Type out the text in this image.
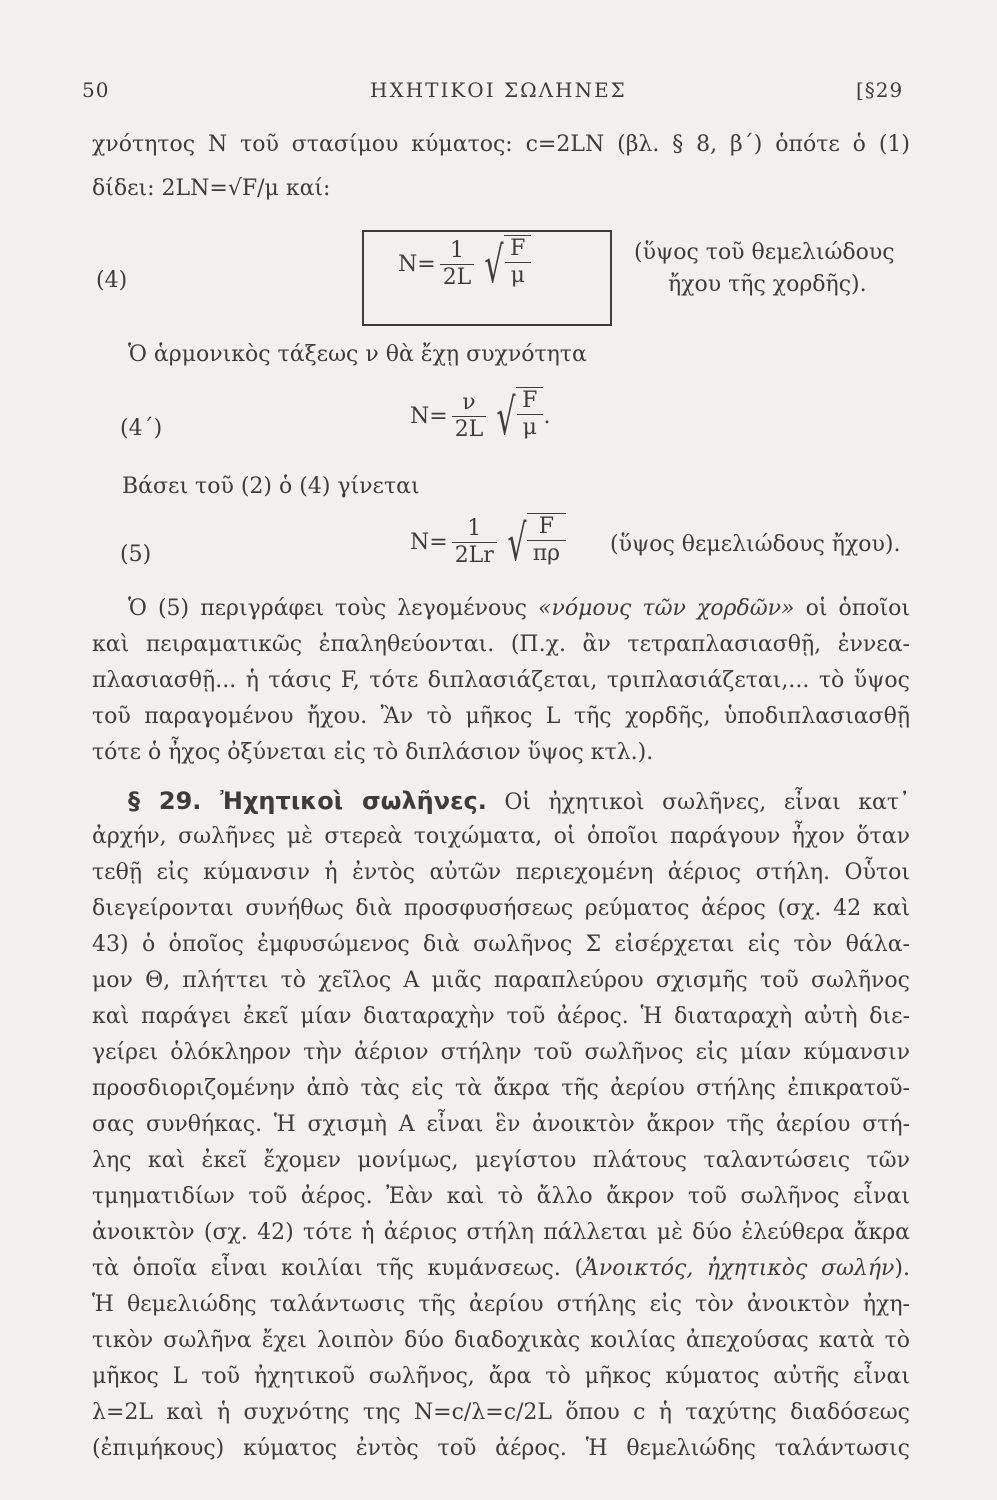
50	ΗΧΗΤΙΚΟΙ ΣΩΛΗΝΕΣ	[§29
χνότητος Ν τοῦ στασίμου κύματος: c=2LN (βλ. § 8, β´) ὁπότε ὁ (1)
δίδει: 2LN=√F/μ καί:
(4)
$N= \frac{1}{2L}$ √ $\frac{F}{\mu}$	(ὕψος τοῦ θεμελιώδους
ἤχου τῆς χορδῆς).
Ὁ ἁρμονικὸς τάξεως ν θὰ ἔχῃ συχνότητα
(4´)	$N= \frac{\nu}{2L}$ √ $\frac{F}{\mu}$ .
Βάσει τοῦ (2) ὁ (4) γίνεται
(5)	$N= \frac{1}{2Lr}$ √ $\frac{F}{\pi\rho}$ (ὕψος θεμελιώδους ἤχου).
Ὁ (5) περιγράφει τοὺς λεγομένους «νόμους τῶν χορδῶν» οἱ ὁποῖοι
καὶ πειραματικῶς ἐπαληθεύονται. (Π.χ. ἂν τετραπλασιασθῇ, ἐννεα-
πλασιασθῇ... ἡ τάσις F, τότε διπλασιάζεται, τριπλασιάζεται,... τὸ ὕψος
τοῦ παραγομένου ἤχου. Ἂν τὸ μῆκος L τῆς χορδῆς, ὑποδιπλασιασθῇ
τότε ὁ ἦχος ὀξύνεται εἰς τὸ διπλάσιον ὕψος κτλ.).
§ 29. Ἠχητικοὶ σωλῆνες. Οἱ ἠχητικοὶ σωλῆνες, εἶναι κατ᾿
ἀρχήν, σωλῆνες μὲ στερεὰ τοιχώματα, οἱ ὁποῖοι παράγουν ἦχον ὅταν
τεθῇ εἰς κύμανσιν ἡ ἐντὸς αὐτῶν περιεχομένη ἀέριος στήλη. Οὗτοι
διεγείρονται συνήθως διὰ προσφυσήσεως ρεύματος ἀέρος (σχ. 42 καὶ
43) ὁ ὁποῖος ἐμφυσώμενος διὰ σωλῆνος Σ εἰσέρχεται εἰς τὸν θάλα-
μον Θ, πλήττει τὸ χεῖλος Α μιᾶς παραπλεύρου σχισμῆς τοῦ σωλῆνος
καὶ παράγει ἐκεῖ μίαν διαταραχὴν τοῦ ἀέρος. Ἡ διαταραχὴ αὐτὴ διε-
γείρει ὁλόκληρον τὴν ἀέριον στήλην τοῦ σωλῆνος εἰς μίαν κύμανσιν
προσδιοριζομένην ἀπὸ τὰς εἰς τὰ ἄκρα τῆς ἀερίου στήλης ἐπικρατοῦ-
σας συνθήκας. Ἡ σχισμὴ Α εἶναι ἓν ἀνοικτὸν ἄκρον τῆς ἀερίου στή-
λης καὶ ἐκεῖ ἔχομεν μονίμως, μεγίστου πλάτους ταλαντώσεις τῶν
τμηματιδίων τοῦ ἀέρος. Ἐὰν καὶ τὸ ἄλλο ἄκρον τοῦ σωλῆνος εἶναι
ἀνοικτὸν (σχ. 42) τότε ἡ ἀέριος στήλη πάλλεται μὲ δύο ἐλεύθερα ἄκρα
τὰ ὁποῖα εἶναι κοιλίαι τῆς κυμάνσεως. (Ἀνοικτός, ἠχητικὸς σωλήν).
Ἡ θεμελιώδης ταλάντωσις τῆς ἀερίου στήλης εἰς τὸν ἀνοικτὸν ἠχη-
τικὸν σωλῆνα ἔχει λοιπὸν δύο διαδοχικὰς κοιλίας ἀπεχούσας κατὰ τὸ
μῆκος L τοῦ ἠχητικοῦ σωλῆνος, ἄρα τὸ μῆκος κύματος αὐτῆς εἶναι
λ=2L καὶ ἡ συχνότης της Ν=c/λ=c/2L ὅπου c ἡ ταχύτης διαδόσεως
(ἐπιμήκους) κύματος ἐντὸς τοῦ ἀέρος. Ἡ θεμελιώδης ταλάντωσις
